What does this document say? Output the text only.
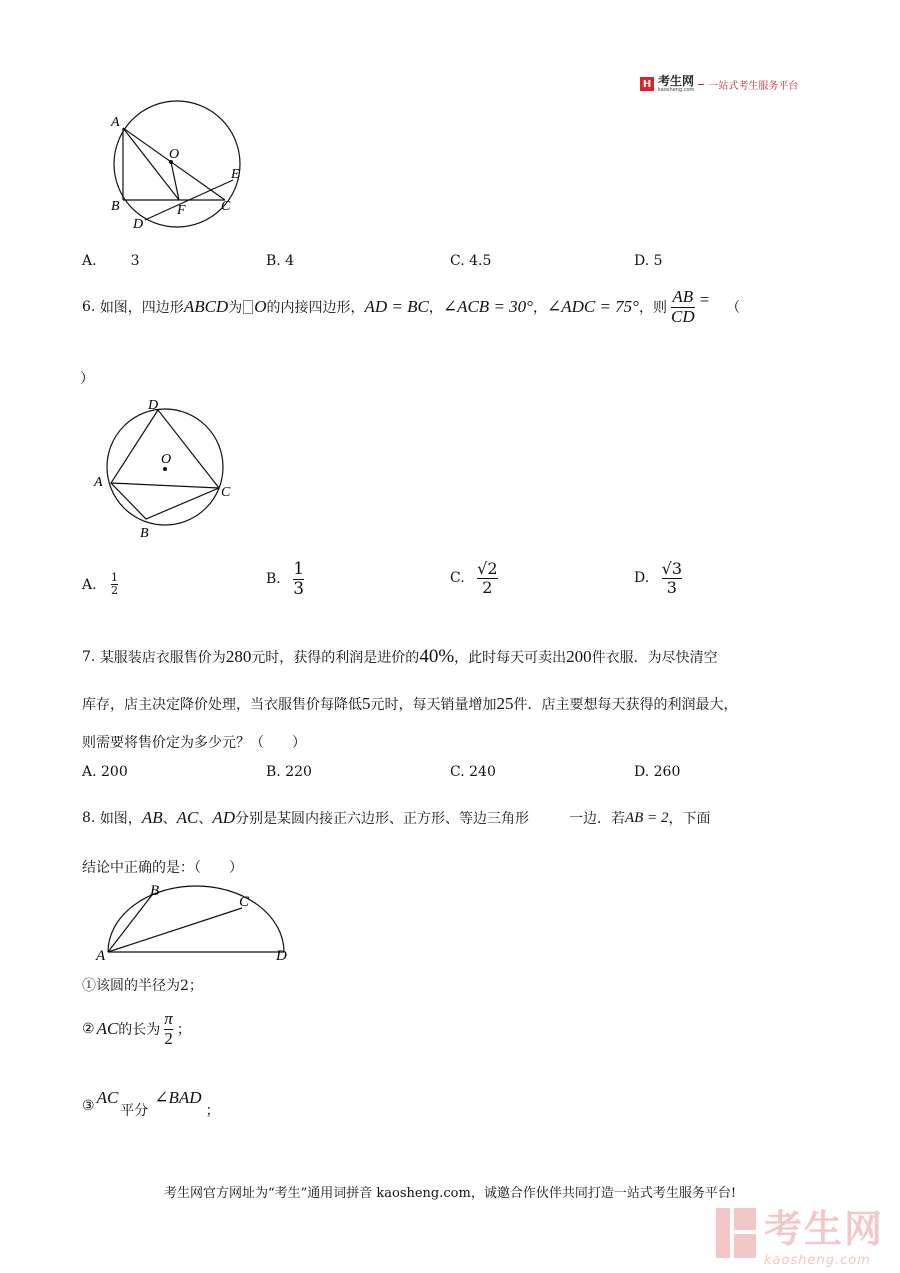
H 考生网
kaosheng.com 一站式考生服务平台
A
O
E
B	F	C
D
A. 3	B. 4	C. 4.5	D. 5
6.
如图，四边形 ABCD 为 O 的内接四边形， AD = BC ， ∠ACB = 30° ， ∠ADC = 75° ，则 $\frac{AB}{CD}$ = （
）
D
O
A
C
B
A.
$\frac{1}{2}$	B.
$\frac{1}{3}$	C.
$\frac{√2}{2}$	D.
$\frac{√3}{3}$
7.
某服装店衣服售价为 280 元时，获得的利润是进价的 40% ，此时每天可卖出 200 件衣服．为尽快清空
库存，店主决定降价处理，当衣服售价每降低 5 元时，每天销量增加 25 件．店主要想每天获得的利润最大，
则需要将售价定为多少元？（　　）
A. 200	B. 220	C. 240	D. 260
8.
如图， AB 、 AC 、 AD 分别是某圆内接正六边形、正方形、等边三角形	一边．若 AB = 2 ，下面
结论中正确的是：（　　）
B
C
A	D
①该圆的半径为2；
② AC 的长为 $\frac{\pi}{2}$ ；
③ AC
平分
∠BAD
；
考生网官方网址为“考生”通用词拼音 kaosheng.com，诚邀合作伙伴共同打造一站式考生服务平台!
考生网
kaosheng.com
